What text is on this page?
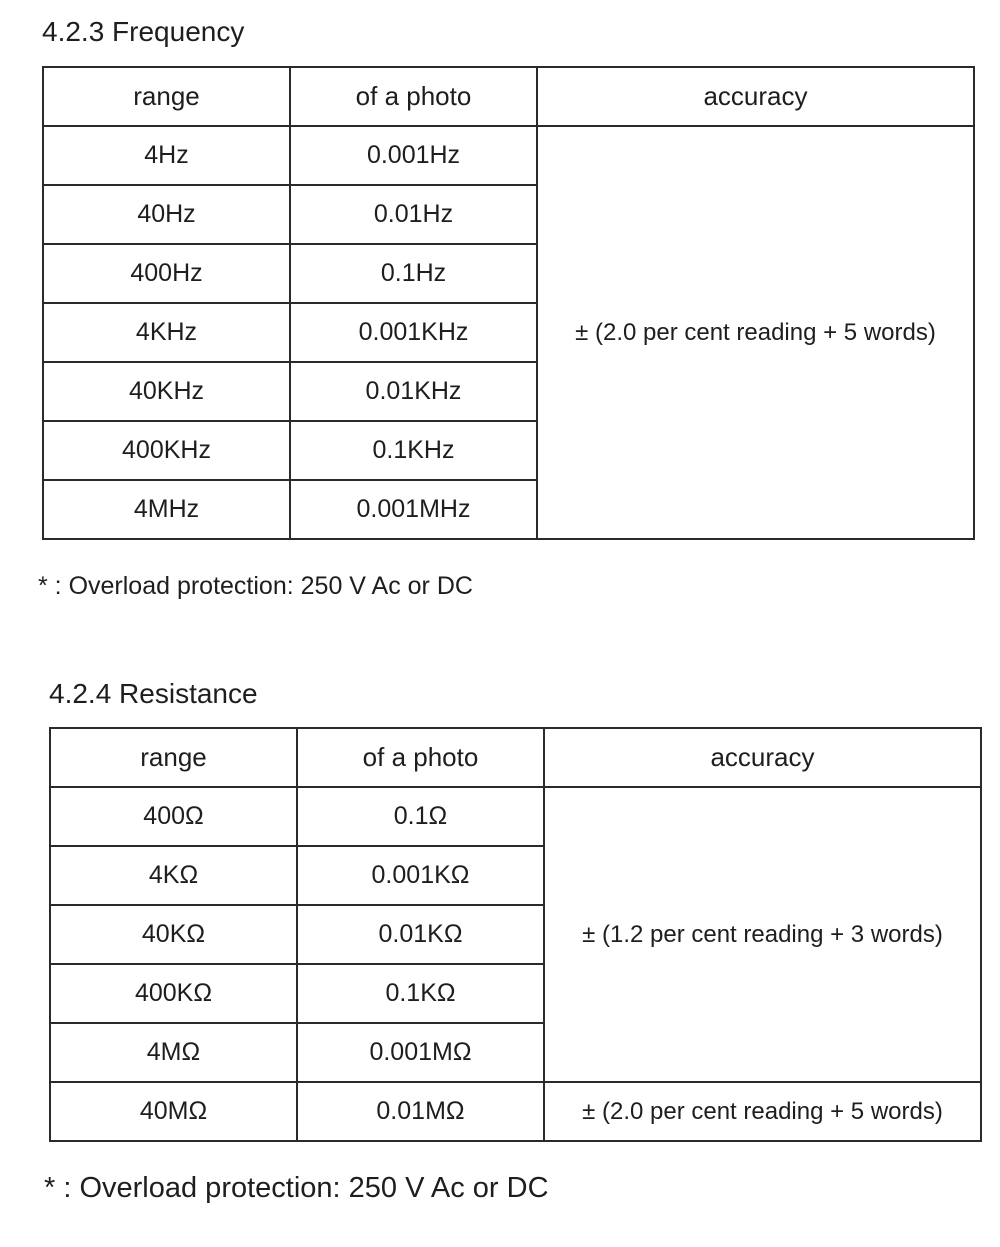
4.2.3 Frequency
range	of a photo	accuracy
4Hz	0.001Hz	± (2.0 per cent reading + 5 words)
40Hz	0.01Hz	
400Hz	0.1Hz	
4KHz	0.001KHz	
40KHz	0.01KHz	
400KHz	0.1KHz	
4MHz	0.001MHz	

* : Overload protection: 250 V Ac or DC

4.2.4 Resistance
range	of a photo	accuracy
400Ω	0.1Ω	± (1.2 per cent reading + 3 words)
4KΩ	0.001KΩ	
40KΩ	0.01KΩ	
400KΩ	0.1KΩ	
4MΩ	0.001MΩ	
40MΩ	0.01MΩ	± (2.0 per cent reading + 5 words)

* : Overload protection: 250 V Ac or DC
